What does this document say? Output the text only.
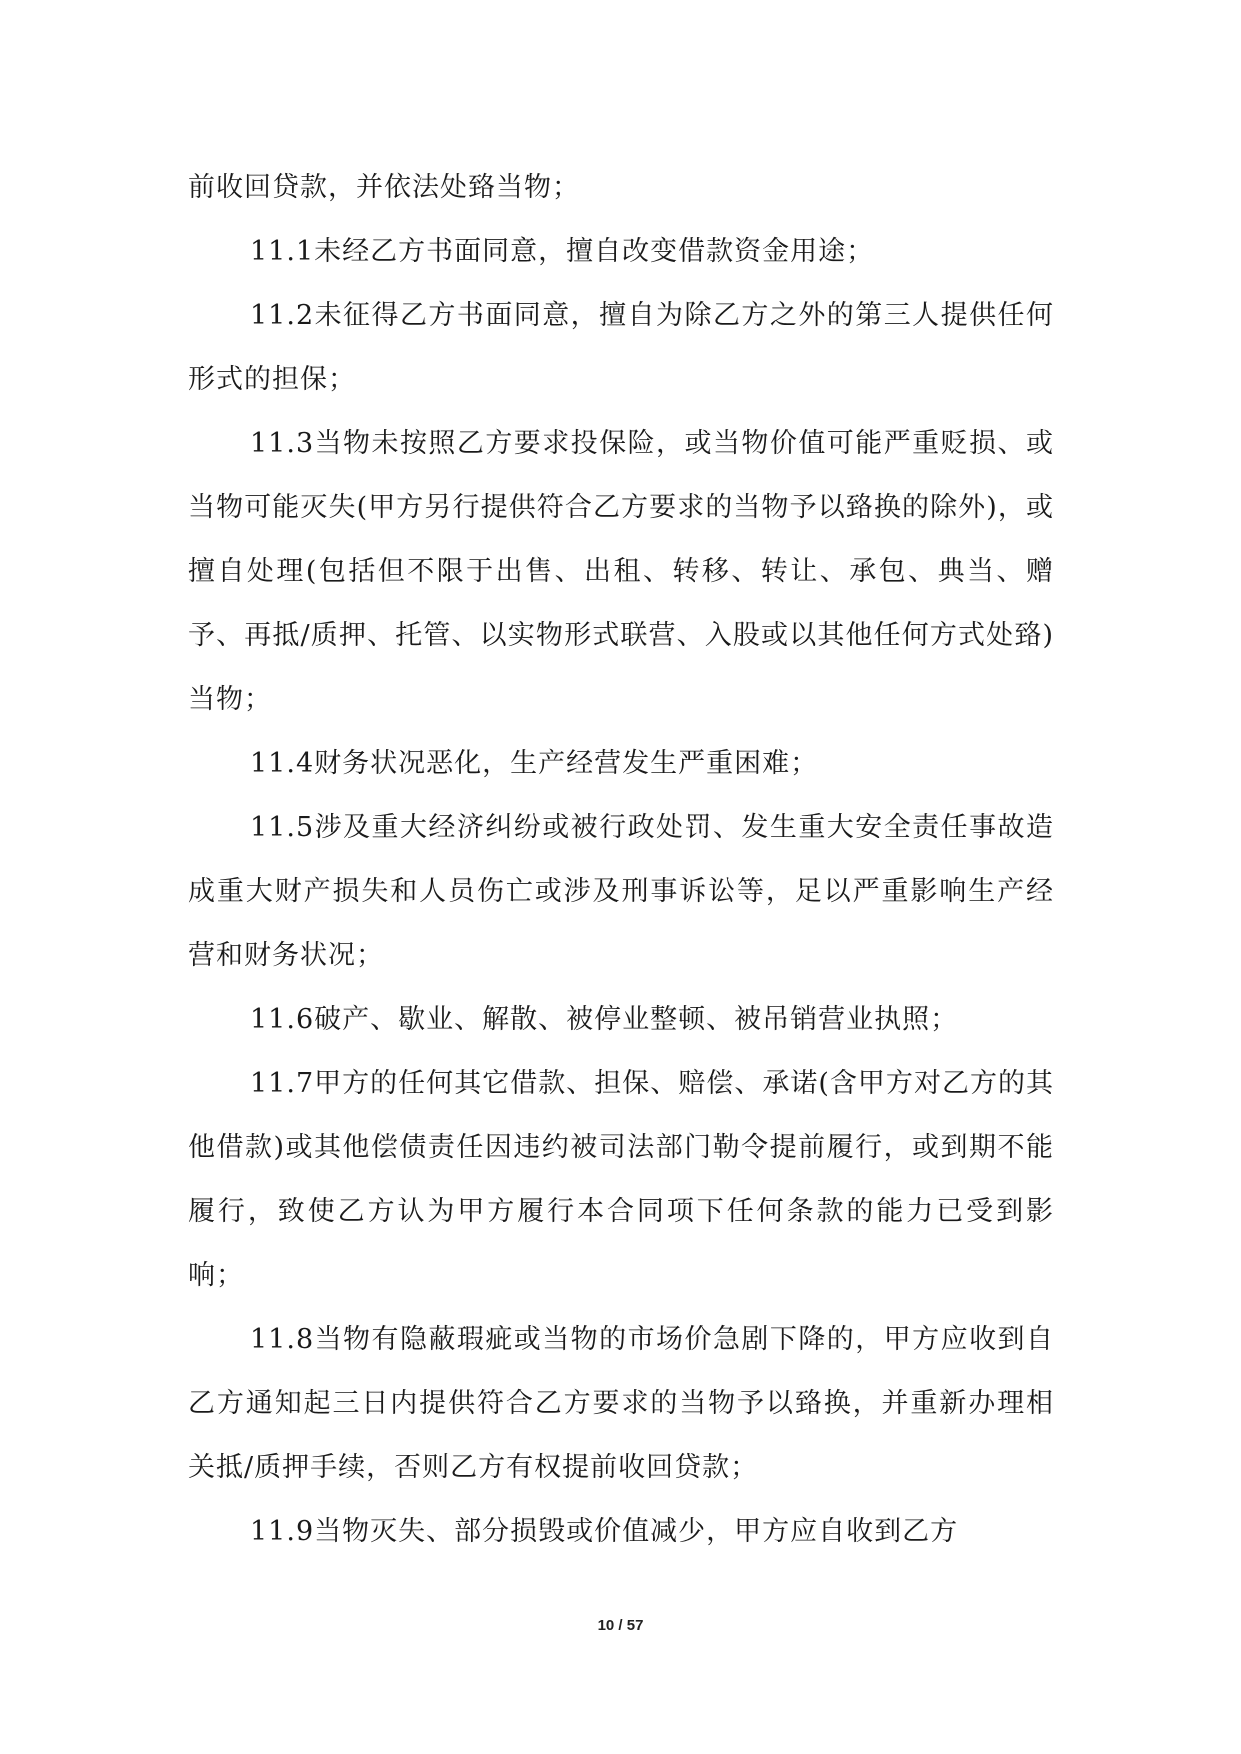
前收回贷款，并依法处臵当物；

11.1未经乙方书面同意，擅自改变借款资金用途；

11.2未征得乙方书面同意，擅自为除乙方之外的第三人提供任何形式的担保；

11.3当物未按照乙方要求投保险，或当物价值可能严重贬损、或当物可能灭失(甲方另行提供符合乙方要求的当物予以臵换的除外)，或擅自处理(包括但不限于出售、出租、转移、转让、承包、典当、赠予、再抵/质押、托管、以实物形式联营、入股或以其他任何方式处臵)当物；

11.4财务状况恶化，生产经营发生严重困难；

11.5涉及重大经济纠纷或被行政处罚、发生重大安全责任事故造成重大财产损失和人员伤亡或涉及刑事诉讼等，足以严重影响生产经营和财务状况；

11.6破产、歇业、解散、被停业整顿、被吊销营业执照；

11.7甲方的任何其它借款、担保、赔偿、承诺(含甲方对乙方的其他借款)或其他偿债责任因违约被司法部门勒令提前履行，或到期不能履行，致使乙方认为甲方履行本合同项下任何条款的能力已受到影响；

11.8当物有隐蔽瑕疵或当物的市场价急剧下降的，甲方应收到自乙方通知起三日内提供符合乙方要求的当物予以臵换，并重新办理相关抵/质押手续，否则乙方有权提前收回贷款；

11.9当物灭失、部分损毁或价值减少，甲方应自收到乙方

10 / 57
